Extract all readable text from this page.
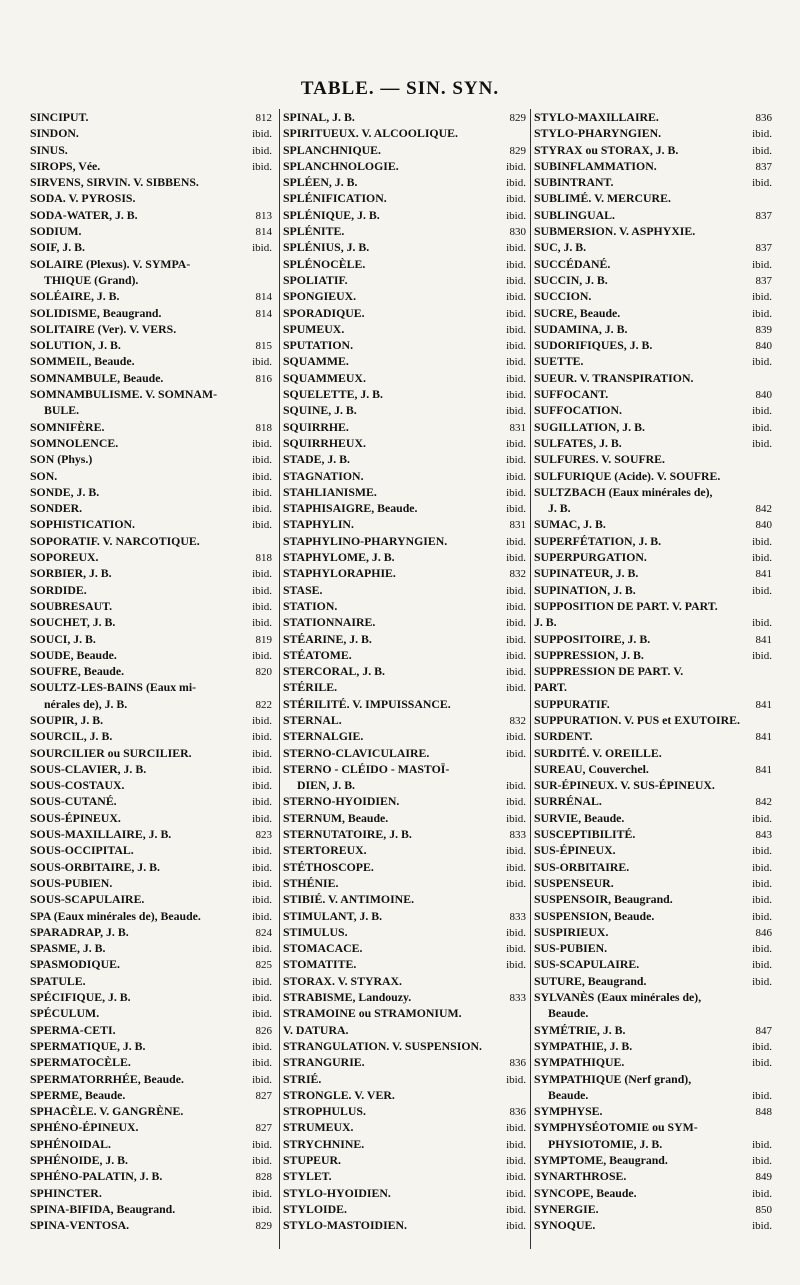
TABLE. — SIN. SYN.
SINCIPUT.	812
SINDON.	ibid.
SINUS.	ibid.
SIROPS, Vée.	ibid.
SIRVENS, SIRVIN. V. SIBBENS.
SODA. V. PYROSIS.
SODA-WATER, J. B.	813
SODIUM.	814
SOIF, J. B.	ibid.
SOLAIRE (Plexus). V. SYMPA-
THIQUE (Grand).
SOLÉAIRE, J. B.	814
SOLIDISME, Beaugrand.	814
SOLITAIRE (Ver). V. VERS.
SOLUTION, J. B.	815
SOMMEIL, Beaude.	ibid.
SOMNAMBULE, Beaude.	816
SOMNAMBULISME. V. SOMNAM-
BULE.
SOMNIFÈRE.	818
SOMNOLENCE.	ibid.
SON (Phys.)	ibid.
SON.	ibid.
SONDE, J. B.	ibid.
SONDER.	ibid.
SOPHISTICATION.	ibid.
SOPORATIF. V. NARCOTIQUE.
SOPOREUX.	818
SORBIER, J. B.	ibid.
SORDIDE.	ibid.
SOUBRESAUT.	ibid.
SOUCHET, J. B.	ibid.
SOUCI, J. B.	819
SOUDE, Beaude.	ibid.
SOUFRE, Beaude.	820
SOULTZ-LES-BAINS (Eaux mi-
nérales de), J. B.	822
SOUPIR, J. B.	ibid.
SOURCIL, J. B.	ibid.
SOURCILIER ou SURCILIER.	ibid.
SOUS-CLAVIER, J. B.	ibid.
SOUS-COSTAUX.	ibid.
SOUS-CUTANÉ.	ibid.
SOUS-ÉPINEUX.	ibid.
SOUS-MAXILLAIRE, J. B.	823
SOUS-OCCIPITAL.	ibid.
SOUS-ORBITAIRE, J. B.	ibid.
SOUS-PUBIEN.	ibid.
SOUS-SCAPULAIRE.	ibid.
SPA (Eaux minérales de), Beaude.	ibid.
SPARADRAP, J. B.	824
SPASME, J. B.	ibid.
SPASMODIQUE.	825
SPATULE.	ibid.
SPÉCIFIQUE, J. B.	ibid.
SPÉCULUM.	ibid.
SPERMA-CETI.	826
SPERMATIQUE, J. B.	ibid.
SPERMATOCÈLE.	ibid.
SPERMATORRHÉE, Beaude.	ibid.
SPERME, Beaude.	827
SPHACÈLE. V. GANGRÈNE.
SPHÉNO-ÉPINEUX.	827
SPHÉNOIDAL.	ibid.
SPHÉNOIDE, J. B.	ibid.
SPHÉNO-PALATIN, J. B.	828
SPHINCTER.	ibid.
SPINA-BIFIDA, Beaugrand.	ibid.
SPINA-VENTOSA.	829
SPINAL, J. B.	829
SPIRITUEUX. V. ALCOOLIQUE.
SPLANCHNIQUE.	829
SPLANCHNOLOGIE.	ibid.
SPLÉEN, J. B.	ibid.
SPLÉNIFICATION.	ibid.
SPLÉNIQUE, J. B.	ibid.
SPLÉNITE.	830
SPLÉNIUS, J. B.	ibid.
SPLÉNOCÈLE.	ibid.
SPOLIATIF.	ibid.
SPONGIEUX.	ibid.
SPORADIQUE.	ibid.
SPUMEUX.	ibid.
SPUTATION.	ibid.
SQUAMME.	ibid.
SQUAMMEUX.	ibid.
SQUELETTE, J. B.	ibid.
SQUINE, J. B.	ibid.
SQUIRRHE.	831
SQUIRRHEUX.	ibid.
STADE, J. B.	ibid.
STAGNATION.	ibid.
STAHLIANISME.	ibid.
STAPHISAIGRE, Beaude.	ibid.
STAPHYLIN.	831
STAPHYLINO-PHARYNGIEN.	ibid.
STAPHYLOME, J. B.	ibid.
STAPHYLORAPHIE.	832
STASE.	ibid.
STATION.	ibid.
STATIONNAIRE.	ibid.
STÉARINE, J. B.	ibid.
STÉATOME.	ibid.
STERCORAL, J. B.	ibid.
STÉRILE.	ibid.
STÉRILITÉ. V. IMPUISSANCE.
STERNAL.	832
STERNALGIE.	ibid.
STERNO-CLAVICULAIRE.	ibid.
STERNO - CLÉIDO - MASTOÏ-
DIEN, J. B.	ibid.
STERNO-HYOIDIEN.	ibid.
STERNUM, Beaude.	ibid.
STERNUTATOIRE, J. B.	833
STERTOREUX.	ibid.
STÉTHOSCOPE.	ibid.
STHÉNIE.	ibid.
STIBIÉ. V. ANTIMOINE.
STIMULANT, J. B.	833
STIMULUS.	ibid.
STOMACACE.	ibid.
STOMATITE.	ibid.
STORAX. V. STYRAX.
STRABISME, Landouzy.	833
STRAMOINE ou STRAMONIUM.
V. DATURA.
STRANGULATION. V. SUSPENSION.
STRANGURIE.	836
STRIÉ.	ibid.
STRONGLE. V. VER.
STROPHULUS.	836
STRUMEUX.	ibid.
STRYCHNINE.	ibid.
STUPEUR.	ibid.
STYLET.	ibid.
STYLO-HYOIDIEN.	ibid.
STYLOIDE.	ibid.
STYLO-MASTOIDIEN.	ibid.
STYLO-MAXILLAIRE.	836
STYLO-PHARYNGIEN.	ibid.
STYRAX ou STORAX, J. B.	ibid.
SUBINFLAMMATION.	837
SUBINTRANT.	ibid.
SUBLIMÉ. V. MERCURE.
SUBLINGUAL.	837
SUBMERSION. V. ASPHYXIE.
SUC, J. B.	837
SUCCÉDANÉ.	ibid.
SUCCIN, J. B.	837
SUCCION.	ibid.
SUCRE, Beaude.	ibid.
SUDAMINA, J. B.	839
SUDORIFIQUES, J. B.	840
SUETTE.	ibid.
SUEUR. V. TRANSPIRATION.
SUFFOCANT.	840
SUFFOCATION.	ibid.
SUGILLATION, J. B.	ibid.
SULFATES, J. B.	ibid.
SULFURES. V. SOUFRE.
SULFURIQUE (Acide). V. SOUFRE.
SULTZBACH (Eaux minérales de),
J. B.	842
SUMAC, J. B.	840
SUPERFÉTATION, J. B.	ibid.
SUPERPURGATION.	ibid.
SUPINATEUR, J. B.	841
SUPINATION, J. B.	ibid.
SUPPOSITION DE PART. V. PART.
J. B.	ibid.
SUPPOSITOIRE, J. B.	841
SUPPRESSION, J. B.	ibid.
SUPPRESSION DE PART. V.
PART.
SUPPURATIF.	841
SUPPURATION. V. PUS et EXUTOIRE.
SURDENT.	841
SURDITÉ. V. OREILLE.
SUREAU, Couverchel.	841
SUR-ÉPINEUX. V. SUS-ÉPINEUX.
SURRÉNAL.	842
SURVIE, Beaude.	ibid.
SUSCEPTIBILITÉ.	843
SUS-ÉPINEUX.	ibid.
SUS-ORBITAIRE.	ibid.
SUSPENSEUR.	ibid.
SUSPENSOIR, Beaugrand.	ibid.
SUSPENSION, Beaude.	ibid.
SUSPIRIEUX.	846
SUS-PUBIEN.	ibid.
SUS-SCAPULAIRE.	ibid.
SUTURE, Beaugrand.	ibid.
SYLVANÈS (Eaux minérales de),
Beaude.
SYMÉTRIE, J. B.	847
SYMPATHIE, J. B.	ibid.
SYMPATHIQUE.	ibid.
SYMPATHIQUE (Nerf grand),
Beaude.	ibid.
SYMPHYSE.	848
SYMPHYSÉOTOMIE ou SYM-
PHYSIOTOMIE, J. B.	ibid.
SYMPTOME, Beaugrand.	ibid.
SYNARTHROSE.	849
SYNCOPE, Beaude.	ibid.
SYNERGIE.	850
SYNOQUE.	ibid.
